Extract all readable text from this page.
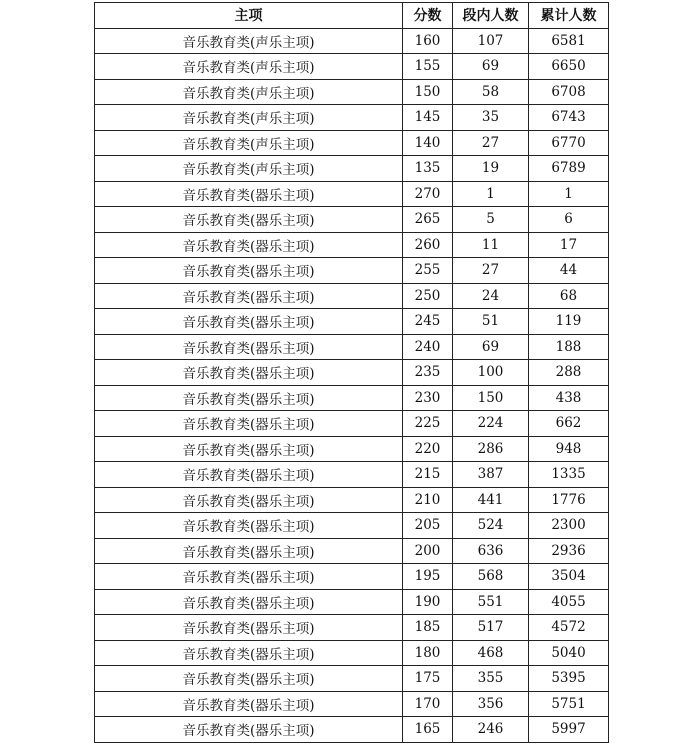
主项	分数	段内人数	累计人数
音乐教育类(声乐主项)	160	107	6581
音乐教育类(声乐主项)	155	69	6650
音乐教育类(声乐主项)	150	58	6708
音乐教育类(声乐主项)	145	35	6743
音乐教育类(声乐主项)	140	27	6770
音乐教育类(声乐主项)	135	19	6789
音乐教育类(器乐主项)	270	1	1
音乐教育类(器乐主项)	265	5	6
音乐教育类(器乐主项)	260	11	17
音乐教育类(器乐主项)	255	27	44
音乐教育类(器乐主项)	250	24	68
音乐教育类(器乐主项)	245	51	119
音乐教育类(器乐主项)	240	69	188
音乐教育类(器乐主项)	235	100	288
音乐教育类(器乐主项)	230	150	438
音乐教育类(器乐主项)	225	224	662
音乐教育类(器乐主项)	220	286	948
音乐教育类(器乐主项)	215	387	1335
音乐教育类(器乐主项)	210	441	1776
音乐教育类(器乐主项)	205	524	2300
音乐教育类(器乐主项)	200	636	2936
音乐教育类(器乐主项)	195	568	3504
音乐教育类(器乐主项)	190	551	4055
音乐教育类(器乐主项)	185	517	4572
音乐教育类(器乐主项)	180	468	5040
音乐教育类(器乐主项)	175	355	5395
音乐教育类(器乐主项)	170	356	5751
音乐教育类(器乐主项)	165	246	5997
